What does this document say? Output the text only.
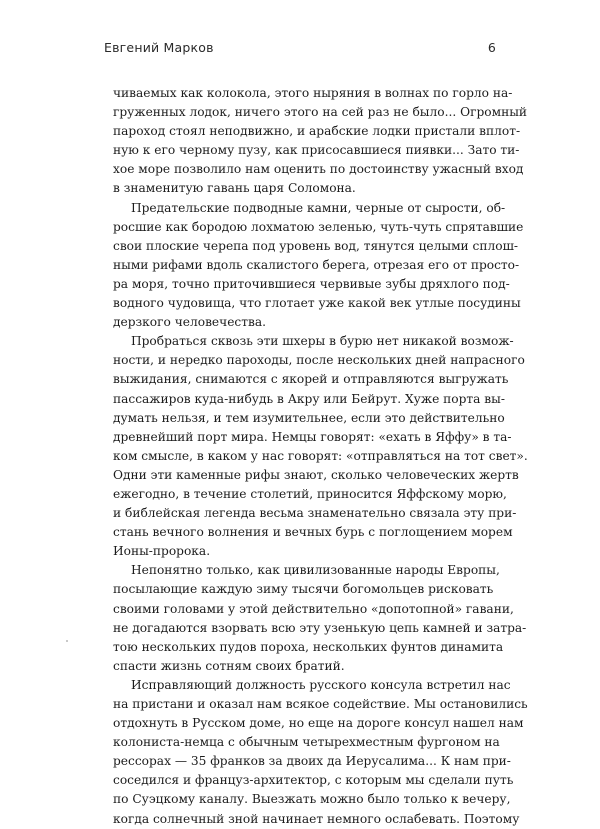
Евгений Марков	6
чиваемых как колокола, этого ныряния в волнах по горло на-
груженных лодок, ничего этого на сей раз не было... Огромный
пароход стоял неподвижно, и арабские лодки пристали вплот-
ную к его черному пузу, как присосавшиеся пиявки... Зато ти-
хое море позволило нам оценить по достоинству ужасный вход
в знаменитую гавань царя Соломона.
Предательские подводные камни, черные от сырости, об-
росшие как бородою лохматою зеленью, чуть-чуть спрятавшие
свои плоские черепа под уровень вод, тянутся целыми сплош-
ными рифами вдоль скалистого берега, отрезая его от просто-
ра моря, точно приточившиеся червивые зубы дряхлого под-
водного чудовища, что глотает уже какой век утлые посудины
дерзкого человечества.
Пробраться сквозь эти шхеры в бурю нет никакой возмож-
ности, и нередко пароходы, после нескольких дней напрасного
выжидания, снимаются с якорей и отправляются выгружать
пассажиров куда-нибудь в Акру или Бейрут. Хуже порта вы-
думать нельзя, и тем изумительнее, если это действительно
древнейший порт мира. Немцы говорят: «ехать в Яффу» в та-
ком смысле, в каком у нас говорят: «отправляться на тот свет».
Одни эти каменные рифы знают, сколько человеческих жертв
ежегодно, в течение столетий, приносится Яффскому морю,
и библейская легенда весьма знаменательно связала эту при-
стань вечного волнения и вечных бурь с поглощением морем
Ионы-пророка.
Непонятно только, как цивилизованные народы Европы,
посылающие каждую зиму тысячи богомольцев рисковать
своими головами у этой действительно «допотопной» гавани,
не догадаются взорвать всю эту узенькую цепь камней и затра-
тою нескольких пудов пороха, нескольких фунтов динамита
спасти жизнь сотням своих братий.
Исправляющий должность русского консула встретил нас
на пристани и оказал нам всякое содействие. Мы остановились
отдохнуть в Русском доме, но еще на дороге консул нашел нам
колониста-немца с обычным четырехместным фургоном на
рессорах — 35 франков за двоих да Иерусалима... К нам при-
соседился и француз-архитектор, с которым мы сделали путь
по Суэцкому каналу. Выезжать можно было только к вечеру,
когда солнечный зной начинает немного ослабевать. Поэтому
